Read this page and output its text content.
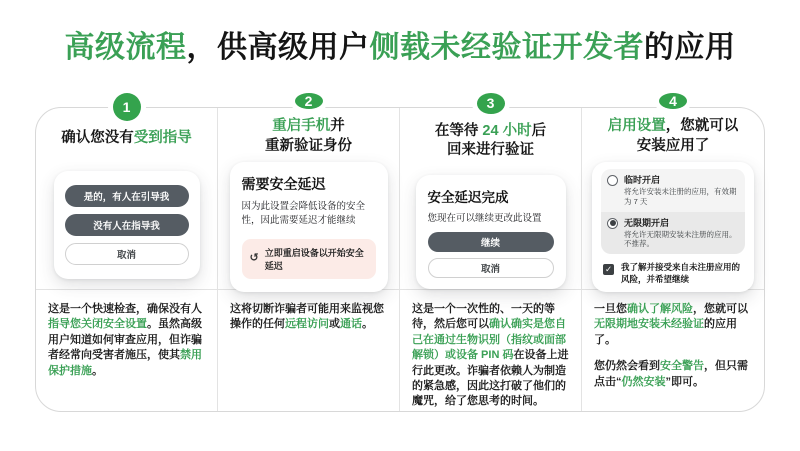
高级流程，供高级用户侧载未经验证开发者的应用
1
确认您没有受到指导
是的，有人在引导我
没有人在指导我
取消
2
重启手机并
重新验证身份
需要安全延迟
因为此设置会降低设备的安全性，因此需要延迟才能继续
↺ 立即重启设备以开始安全延迟
3
在等待 24 小时后
回来进行验证
安全延迟完成
您现在可以继续更改此设置
继续
取消
4
启用设置，您就可以
安装应用了
临时开启
将允许安装未注册的应用，有效期为 7 天
无限期开启
将允许无限期安装未注册的应用。不推荐。
✓ 我了解并接受来自未注册应用的风险，并希望继续

这是一个快速检查，确保没有人指导您关闭安全设置。虽然高级用户知道如何审查应用，但诈骗者经常向受害者施压，使其禁用保护措施。

这将切断诈骗者可能用来监视您操作的任何远程访问或通话。

这是一个一次性的、一天的等待，然后您可以确认确实是您自己在通过生物识别（指纹或面部解锁）或设备 PIN 码在设备上进行此更改。诈骗者依赖人为制造的紧急感，因此这打破了他们的魔咒，给了您思考的时间。

一旦您确认了解风险，您就可以无限期地安装未经验证的应用了。

您仍然会看到安全警告，但只需点击“仍然安装”即可。
